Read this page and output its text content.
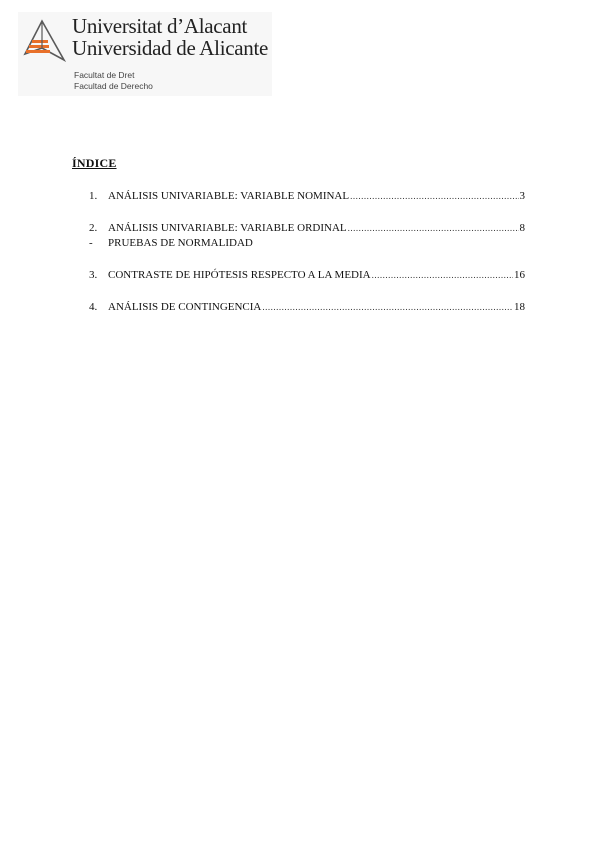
Universitat d’Alacant
Universidad de Alicante
Facultat de Dret
Facultad de Derecho
ÍNDICE
1. ANÁLISIS UNIVARIABLE: VARIABLE NOMINAL .....	3
2. ANÁLISIS UNIVARIABLE: VARIABLE ORDINAL .....	8
-	PRUEBAS DE NORMALIDAD
3. CONTRASTE DE HIPÓTESIS RESPECTO A LA MEDIA .....	16
4. ANÁLISIS DE CONTINGENCIA .....	18
